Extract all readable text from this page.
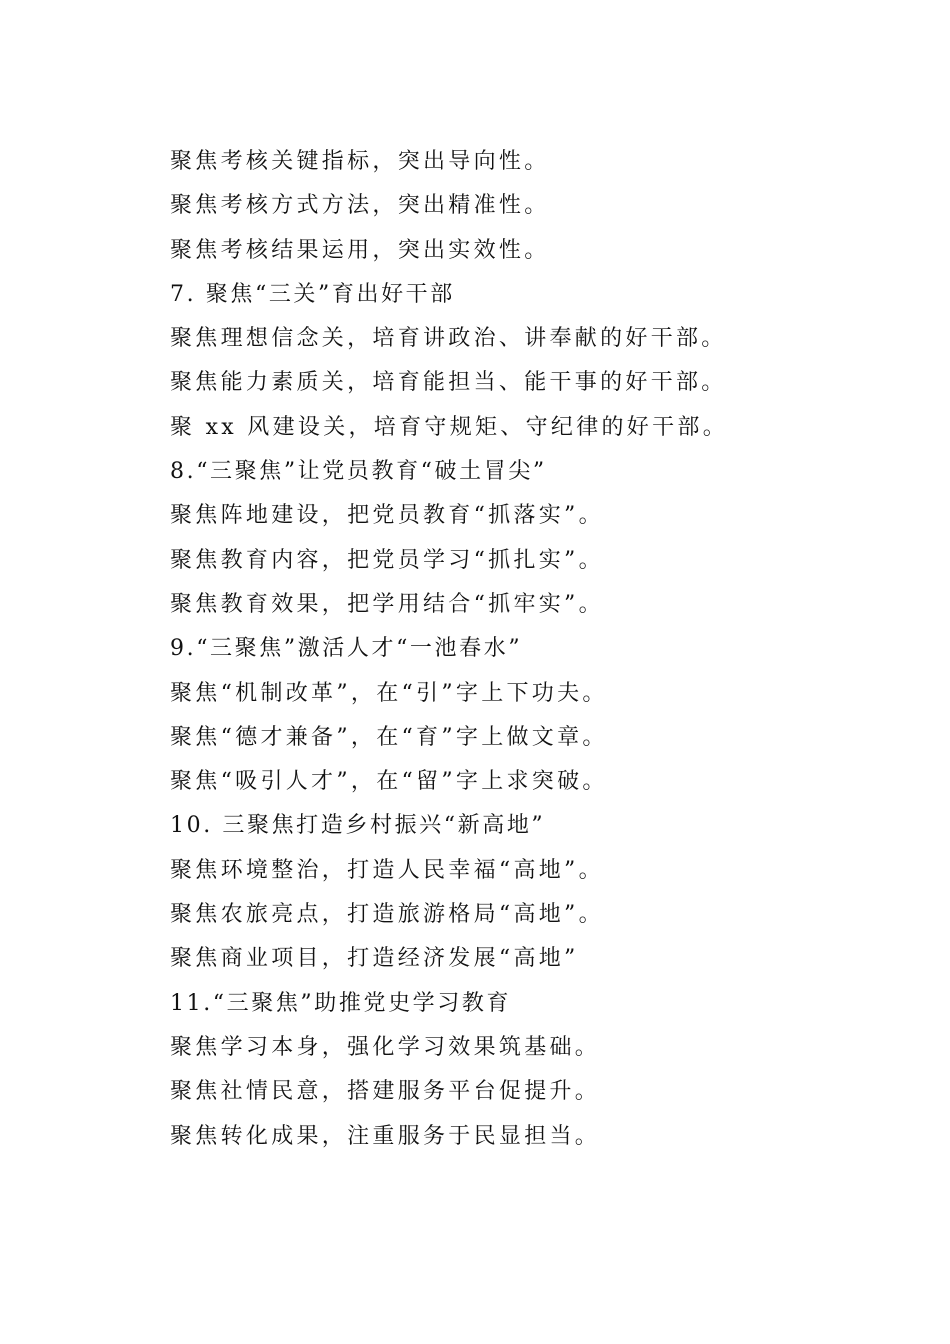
聚焦考核关键指标，突出导向性。
聚焦考核方式方法，突出精准性。
聚焦考核结果运用，突出实效性。
7. 聚焦“三关”育出好干部
聚焦理想信念关，培育讲政治、讲奉献的好干部。
聚焦能力素质关，培育能担当、能干事的好干部。
聚 xx 风建设关，培育守规矩、守纪律的好干部。
8.“三聚焦”让党员教育“破土冒尖”
聚焦阵地建设，把党员教育“抓落实”。
聚焦教育内容，把党员学习“抓扎实”。
聚焦教育效果，把学用结合“抓牢实”。
9.“三聚焦”激活人才“一池春水”
聚焦“机制改革”，在“引”字上下功夫。
聚焦“德才兼备”，在“育”字上做文章。
聚焦“吸引人才”，在“留”字上求突破。
10. 三聚焦打造乡村振兴“新高地”
聚焦环境整治，打造人民幸福“高地”。
聚焦农旅亮点，打造旅游格局“高地”。
聚焦商业项目，打造经济发展“高地”
11.“三聚焦”助推党史学习教育
聚焦学习本身，强化学习效果筑基础。
聚焦社情民意，搭建服务平台促提升。
聚焦转化成果，注重服务于民显担当。
